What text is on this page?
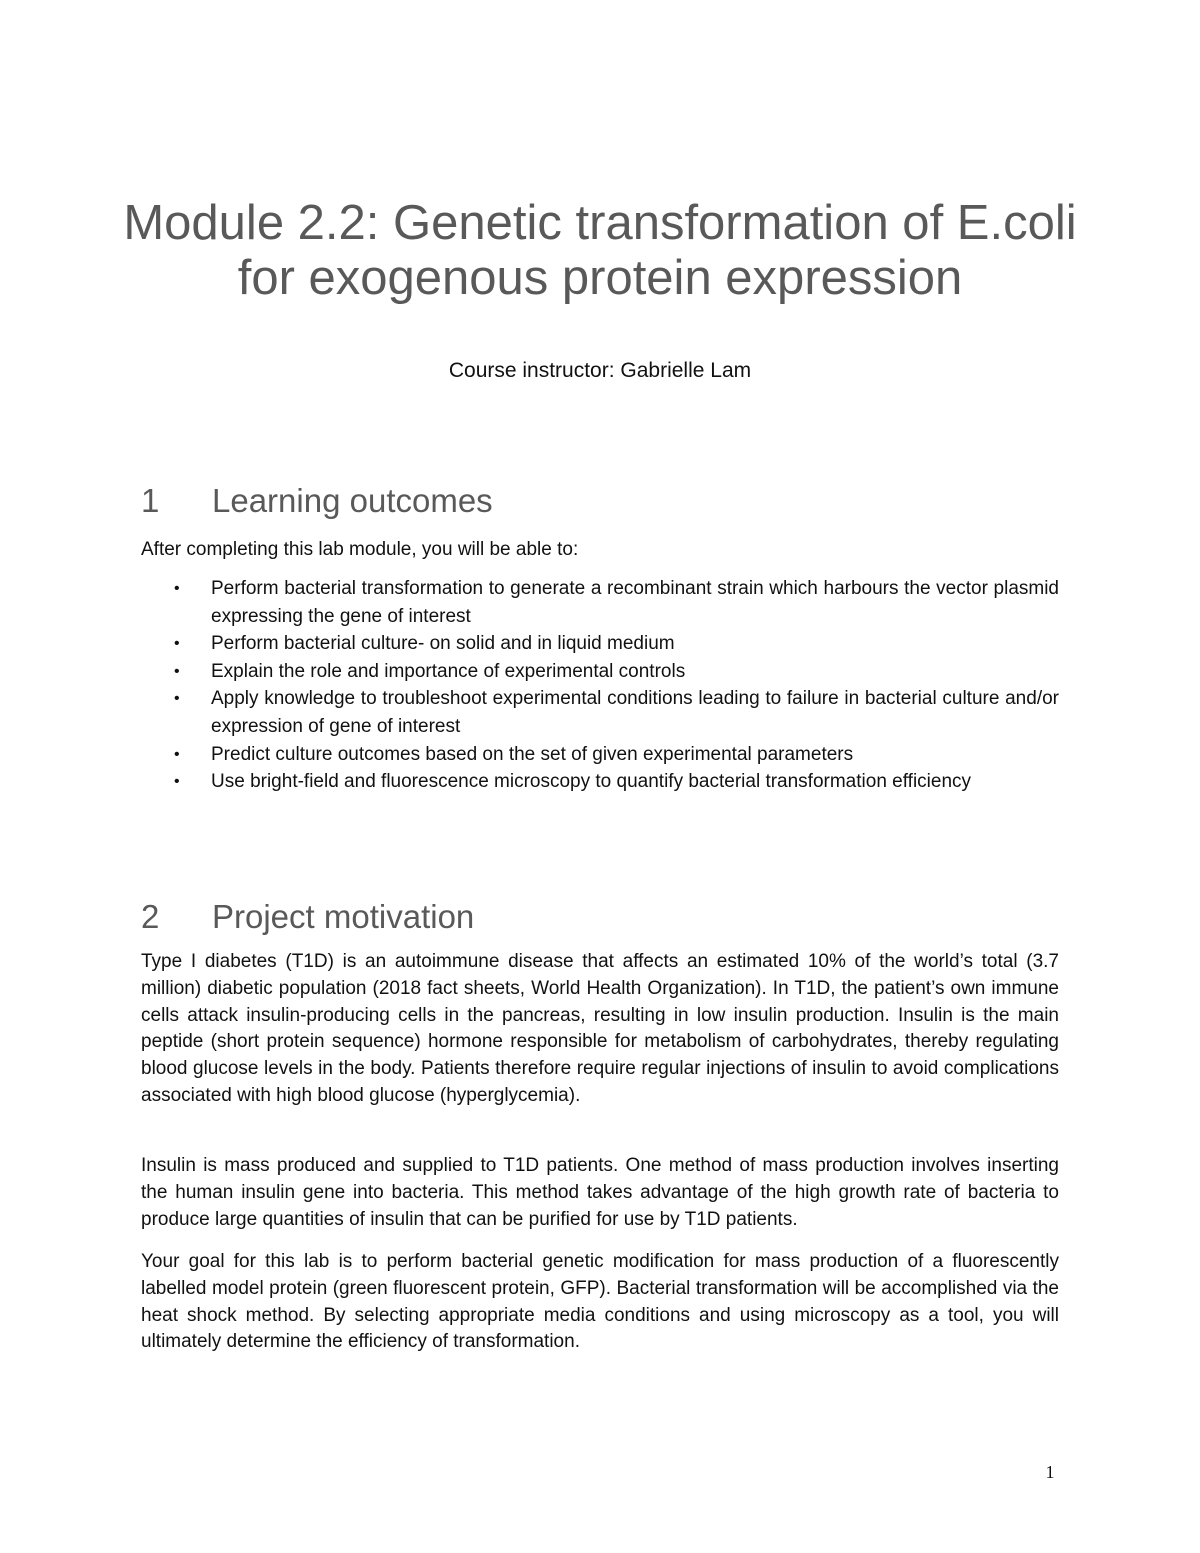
Module 2.2: Genetic transformation of E.coli for exogenous protein expression

Course instructor: Gabrielle Lam

1 Learning outcomes

After completing this lab module, you will be able to:

• Perform bacterial transformation to generate a recombinant strain which harbours the vector plasmid expressing the gene of interest
• Perform bacterial culture- on solid and in liquid medium
• Explain the role and importance of experimental controls
• Apply knowledge to troubleshoot experimental conditions leading to failure in bacterial culture and/or expression of gene of interest
• Predict culture outcomes based on the set of given experimental parameters
• Use bright-field and fluorescence microscopy to quantify bacterial transformation efficiency
2 Project motivation

Type I diabetes (T1D) is an autoimmune disease that affects an estimated 10% of the world’s total (3.7 million) diabetic population (2018 fact sheets, World Health Organization). In T1D, the patient’s own immune cells attack insulin-producing cells in the pancreas, resulting in low insulin production. Insulin is the main peptide (short protein sequence) hormone responsible for metabolism of carbohydrates, thereby regulating blood glucose levels in the body. Patients therefore require regular injections of insulin to avoid complications associated with high blood glucose (hyperglycemia).

Insulin is mass produced and supplied to T1D patients. One method of mass production involves inserting the human insulin gene into bacteria. This method takes advantage of the high growth rate of bacteria to produce large quantities of insulin that can be purified for use by T1D patients.

Your goal for this lab is to perform bacterial genetic modification for mass production of a fluorescently labelled model protein (green fluorescent protein, GFP). Bacterial transformation will be accomplished via the heat shock method. By selecting appropriate media conditions and using microscopy as a tool, you will ultimately determine the efficiency of transformation.

1
